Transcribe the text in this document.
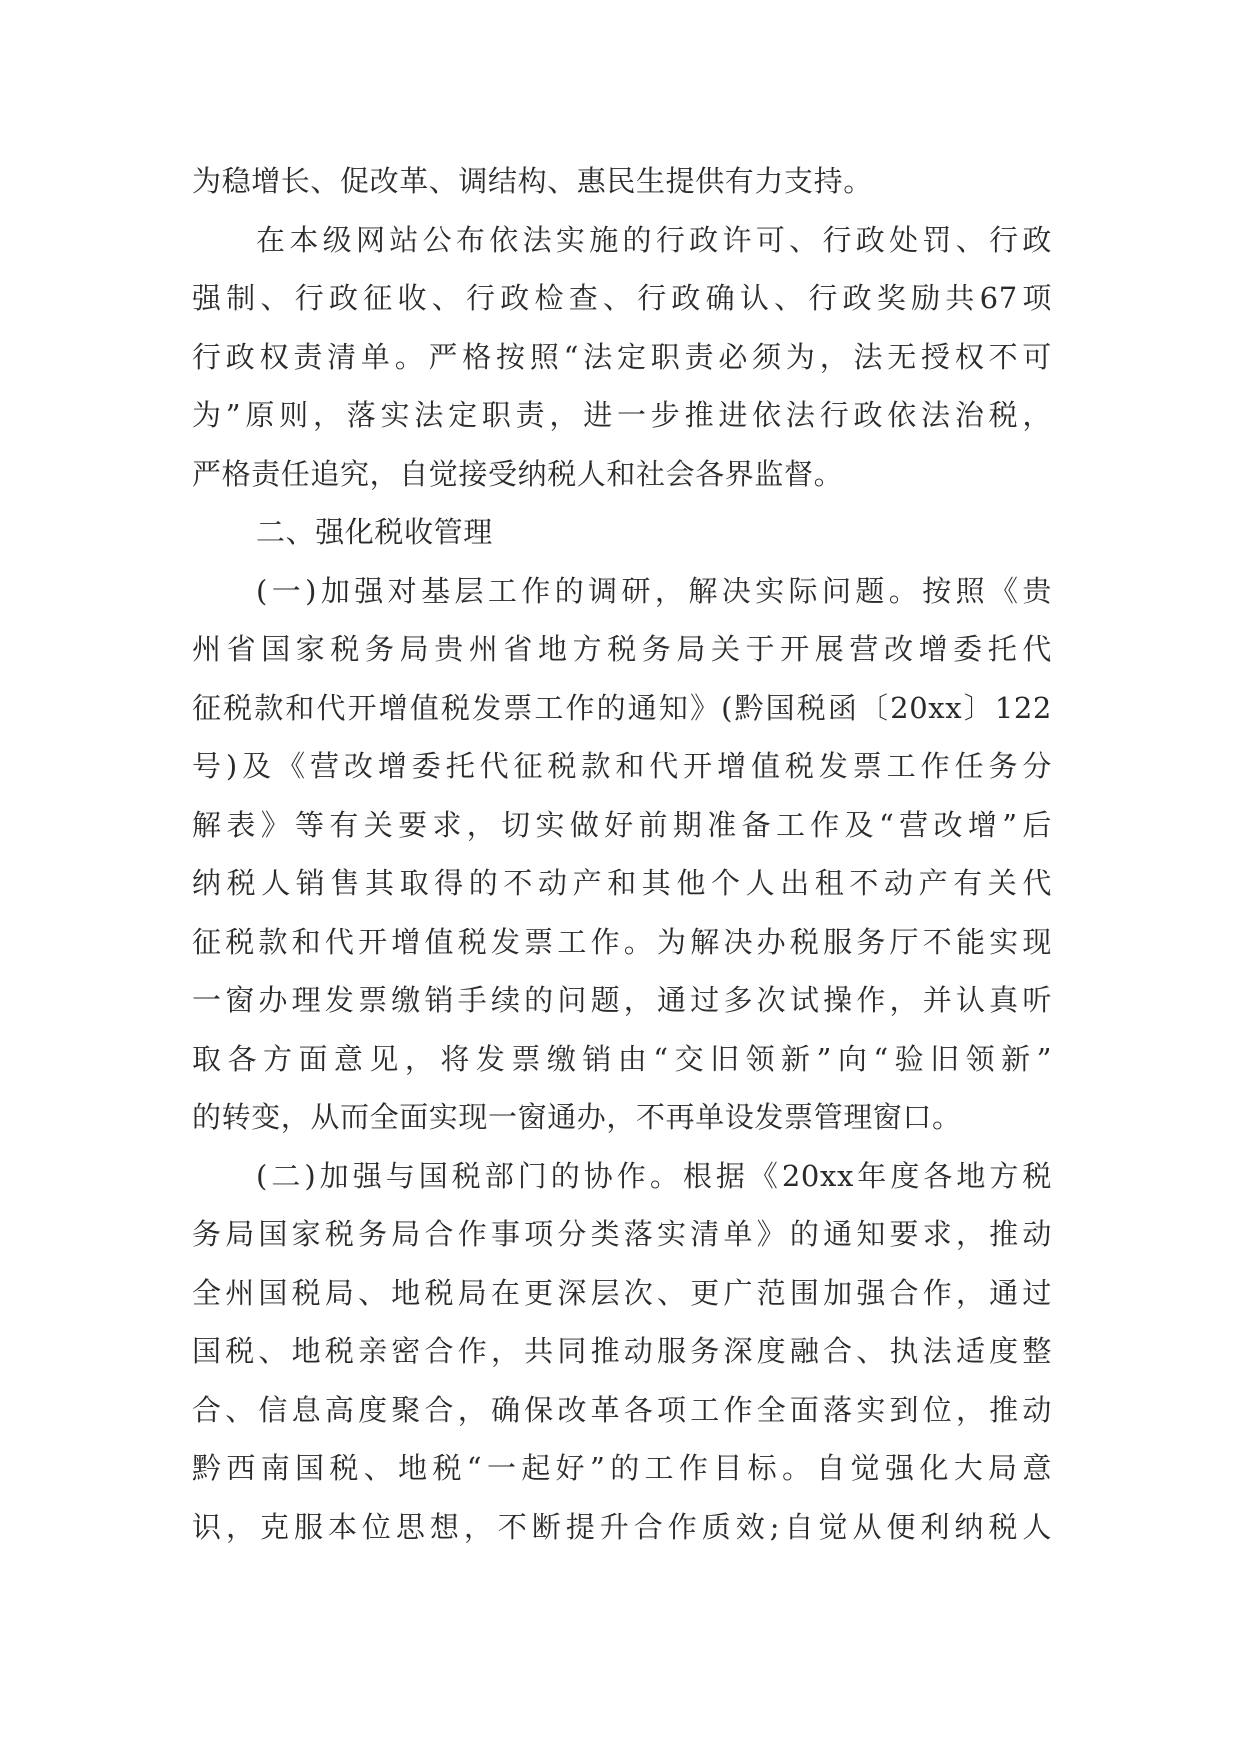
为稳增长、促改革、调结构、惠民生提供有力支持。
在本级网站公布依法实施的行政许可、行政处罚、行政
强制、行政征收、行政检查、行政确认、行政奖励共67项
行政权责清单。严格按照“法定职责必须为，法无授权不可
为”原则，落实法定职责，进一步推进依法行政依法治税，
严格责任追究，自觉接受纳税人和社会各界监督。
二、强化税收管理
(一)加强对基层工作的调研，解决实际问题。按照《贵
州省国家税务局贵州省地方税务局关于开展营改增委托代
征税款和代开增值税发票工作的通知》(黔国税函〔20xx〕122
号)及《营改增委托代征税款和代开增值税发票工作任务分
解表》等有关要求，切实做好前期准备工作及“营改增”后
纳税人销售其取得的不动产和其他个人出租不动产有关代
征税款和代开增值税发票工作。为解决办税服务厅不能实现
一窗办理发票缴销手续的问题，通过多次试操作，并认真听
取各方面意见，将发票缴销由“交旧领新”向“验旧领新”
的转变，从而全面实现一窗通办，不再单设发票管理窗口。
(二)加强与国税部门的协作。根据《20xx年度各地方税
务局国家税务局合作事项分类落实清单》的通知要求，推动
全州国税局、地税局在更深层次、更广范围加强合作，通过
国税、地税亲密合作，共同推动服务深度融合、执法适度整
合、信息高度聚合，确保改革各项工作全面落实到位，推动
黔西南国税、地税“一起好”的工作目标。自觉强化大局意
识，克服本位思想，不断提升合作质效;自觉从便利纳税人
